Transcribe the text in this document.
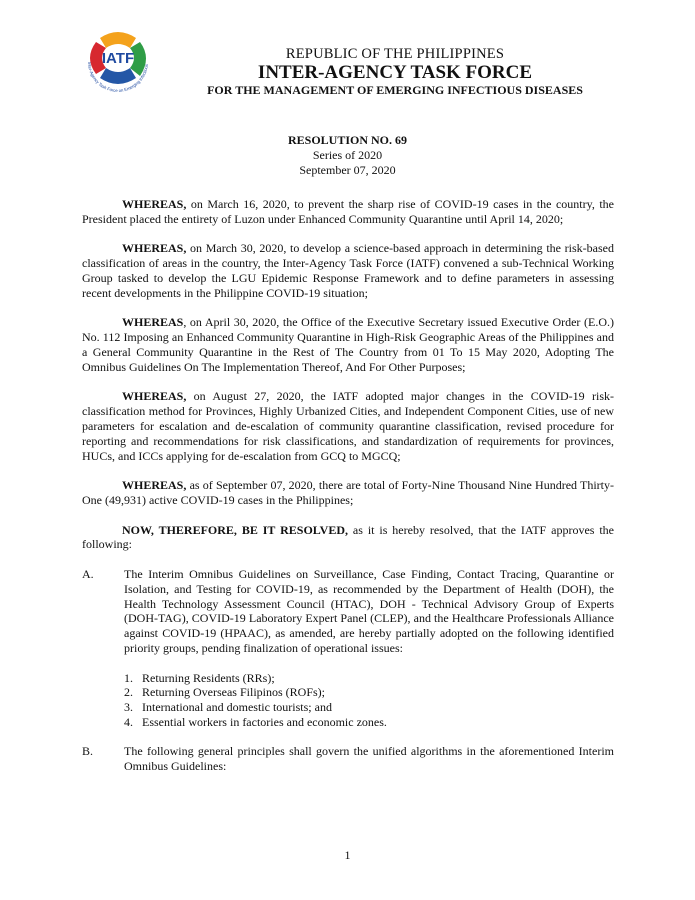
IATF
Inter-Agency Task Force on Emerging Infectious
REPUBLIC OF THE PHILIPPINES
INTER-AGENCY TASK FORCE
FOR THE MANAGEMENT OF EMERGING INFECTIOUS DISEASES
RESOLUTION NO. 69
Series of 2020
September 07, 2020

WHEREAS, on March 16, 2020, to prevent the sharp rise of COVID-19 cases in the country, the President placed the entirety of Luzon under Enhanced Community Quarantine until April 14, 2020;

WHEREAS, on March 30, 2020, to develop a science-based approach in determining the risk-based classification of areas in the country, the Inter-Agency Task Force (IATF) convened a sub-Technical Working Group tasked to develop the LGU Epidemic Response Framework and to define parameters in assessing recent developments in the Philippine COVID-19 situation;

WHEREAS, on April 30, 2020, the Office of the Executive Secretary issued Executive Order (E.O.) No. 112 Imposing an Enhanced Community Quarantine in High-Risk Geographic Areas of the Philippines and a General Community Quarantine in the Rest of The Country from 01 To 15 May 2020, Adopting The Omnibus Guidelines On The Implementation Thereof, And For Other Purposes;

WHEREAS, on August 27, 2020, the IATF adopted major changes in the COVID-19 risk-classification method for Provinces, Highly Urbanized Cities, and Independent Component Cities, use of new parameters for escalation and de-escalation of community quarantine classification, revised procedure for reporting and recommendations for risk classifications, and standardization of requirements for provinces, HUCs, and ICCs applying for de-escalation from GCQ to MGCQ;

WHEREAS, as of September 07, 2020, there are total of Forty-Nine Thousand Nine Hundred Thirty-One (49,931) active COVID-19 cases in the Philippines;

NOW, THEREFORE, BE IT RESOLVED, as it is hereby resolved, that the IATF approves the following:

A.	The Interim Omnibus Guidelines on Surveillance, Case Finding, Contact Tracing, Quarantine or Isolation, and Testing for COVID-19, as recommended by the Department of Health (DOH), the Health Technology Assessment Council (HTAC), DOH - Technical Advisory Group of Experts (DOH-TAG), COVID-19 Laboratory Expert Panel (CLEP), and the Healthcare Professionals Alliance against COVID-19 (HPAAC), as amended, are hereby partially adopted on the following identified priority groups, pending finalization of operational issues:
1. Returning Residents (RRs);
2. Returning Overseas Filipinos (ROFs);
3. International and domestic tourists; and
4. Essential workers in factories and economic zones.
B.	The following general principles shall govern the unified algorithms in the aforementioned Interim Omnibus Guidelines:
1
